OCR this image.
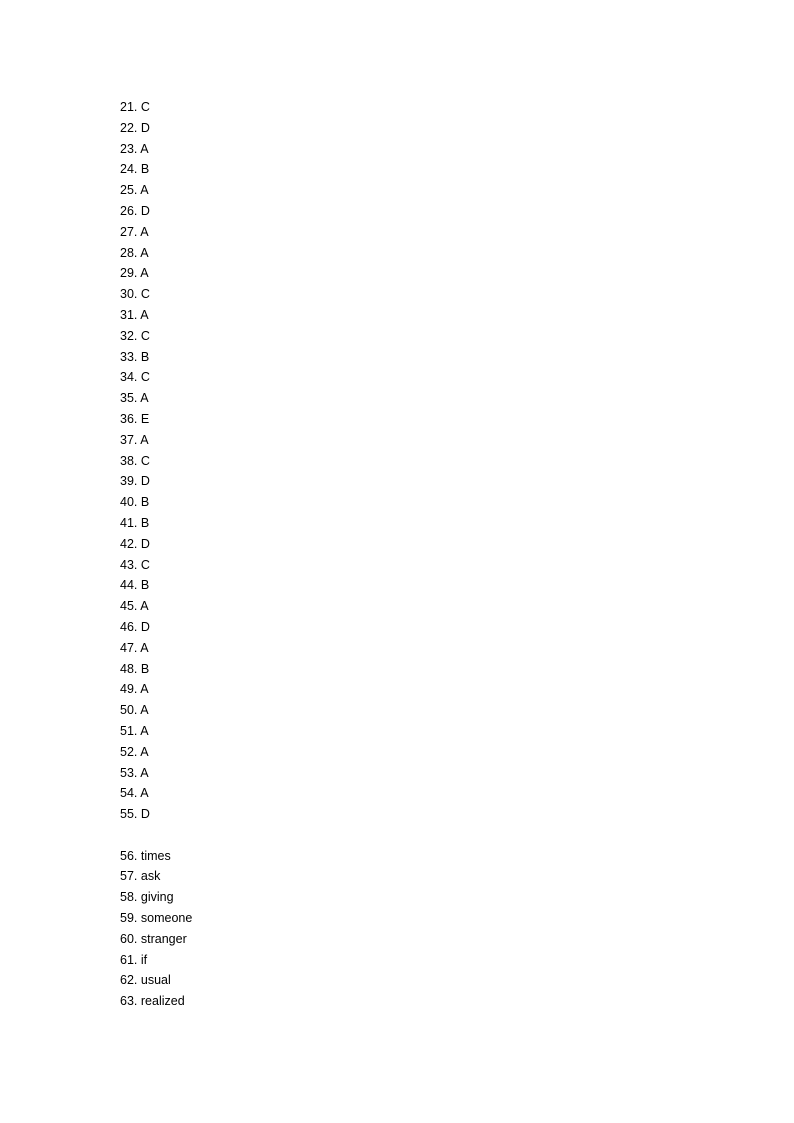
21. C
22. D
23. A
24. B
25. A
26. D
27. A
28. A
29. A
30. C
31. A
32. C
33. B
34. C
35. A
36. E
37. A
38. C
39. D
40. B
41. B
42. D
43. C
44. B
45. A
46. D
47. A
48. B
49. A
50. A
51. A
52. A
53. A
54. A
55. D
56. times
57. ask
58. giving
59. someone
60. stranger
61. if
62. usual
63. realized
